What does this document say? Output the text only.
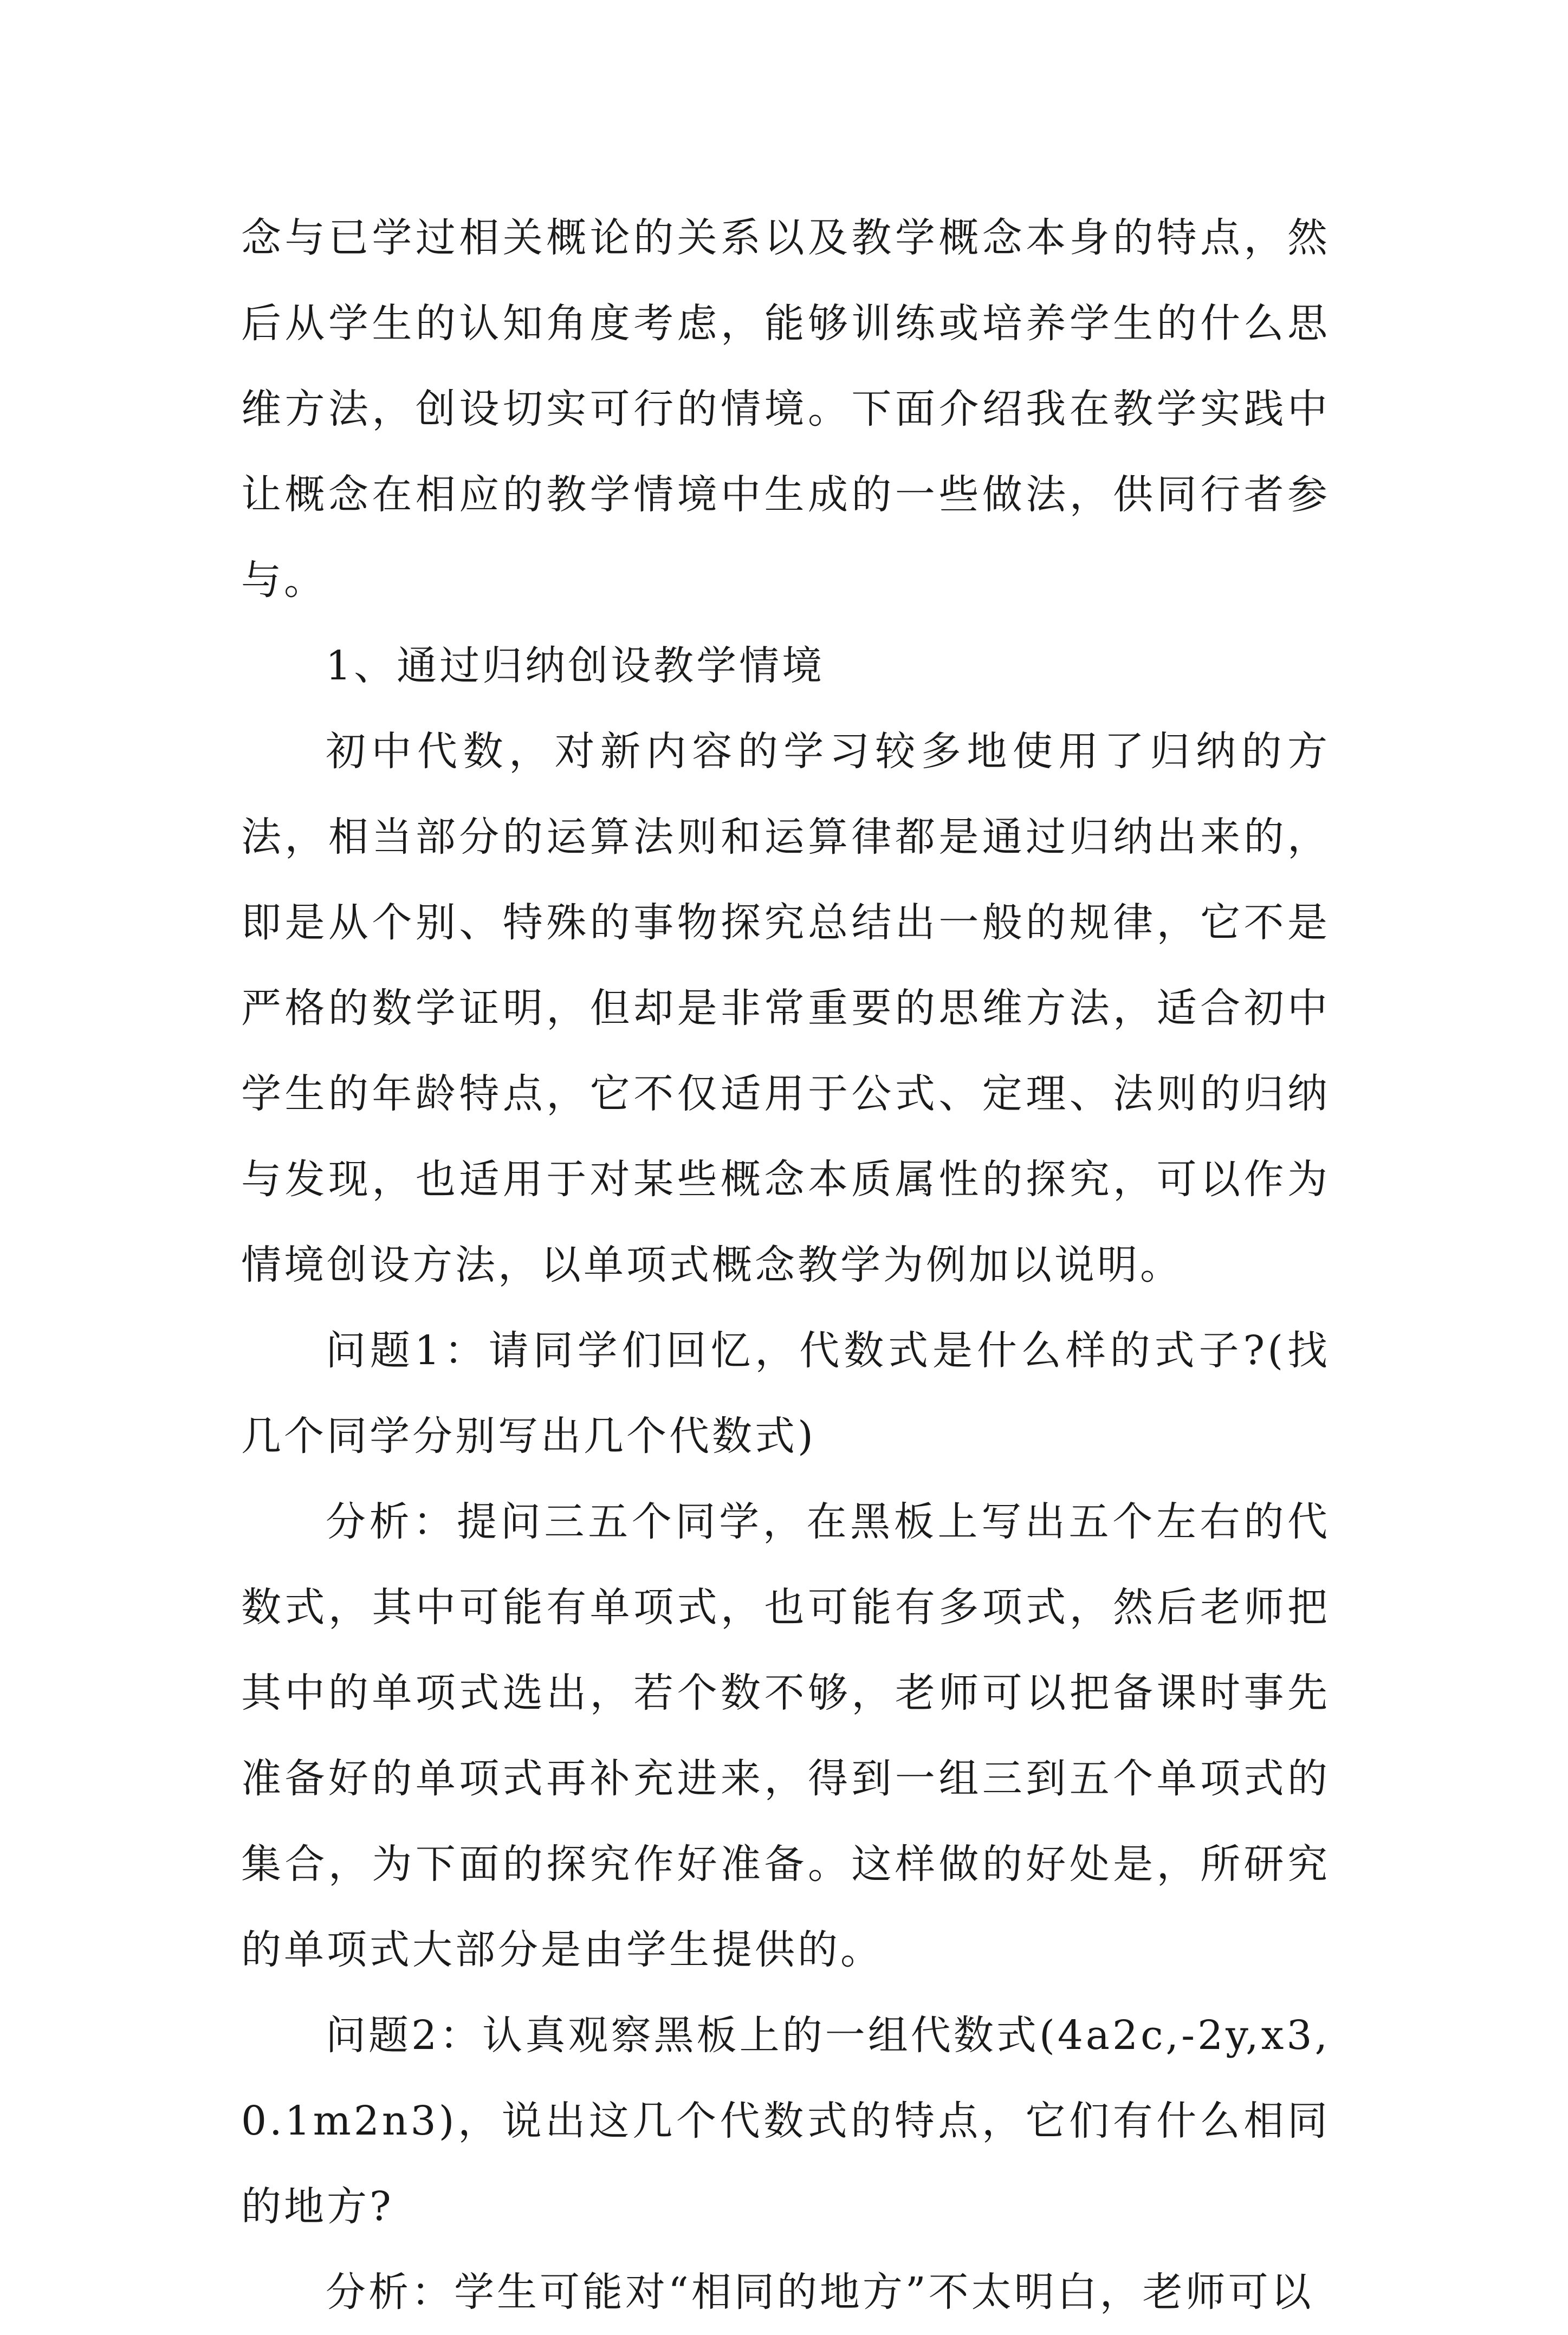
念与已学过相关概论的关系以及教学概念本身的特点，然后从学生的认知角度考虑，能够训练或培养学生的什么思维方法，创设切实可行的情境。下面介绍我在教学实践中让概念在相应的教学情境中生成的一些做法，供同行者参与。

1、通过归纳创设教学情境

初中代数，对新内容的学习较多地使用了归纳的方法，相当部分的运算法则和运算律都是通过归纳出来的，即是从个别、特殊的事物探究总结出一般的规律，它不是严格的数学证明，但却是非常重要的思维方法，适合初中学生的年龄特点，它不仅适用于公式、定理、法则的归纳与发现，也适用于对某些概念本质属性的探究，可以作为情境创设方法，以单项式概念教学为例加以说明。

问题1：请同学们回忆，代数式是什么样的式子?(找几个同学分别写出几个代数式)

分析：提问三五个同学，在黑板上写出五个左右的代数式，其中可能有单项式，也可能有多项式，然后老师把其中的单项式选出，若个数不够，老师可以把备课时事先准备好的单项式再补充进来，得到一组三到五个单项式的集合，为下面的探究作好准备。这样做的好处是，所研究的单项式大部分是由学生提供的。

问题2：认真观察黑板上的一组代数式(4a2c,-2y,x3,0.1m2n3)，说出这几个代数式的特点，它们有什么相同的地方?

分析：学生可能对“相同的地方”不太明白，老师可以
